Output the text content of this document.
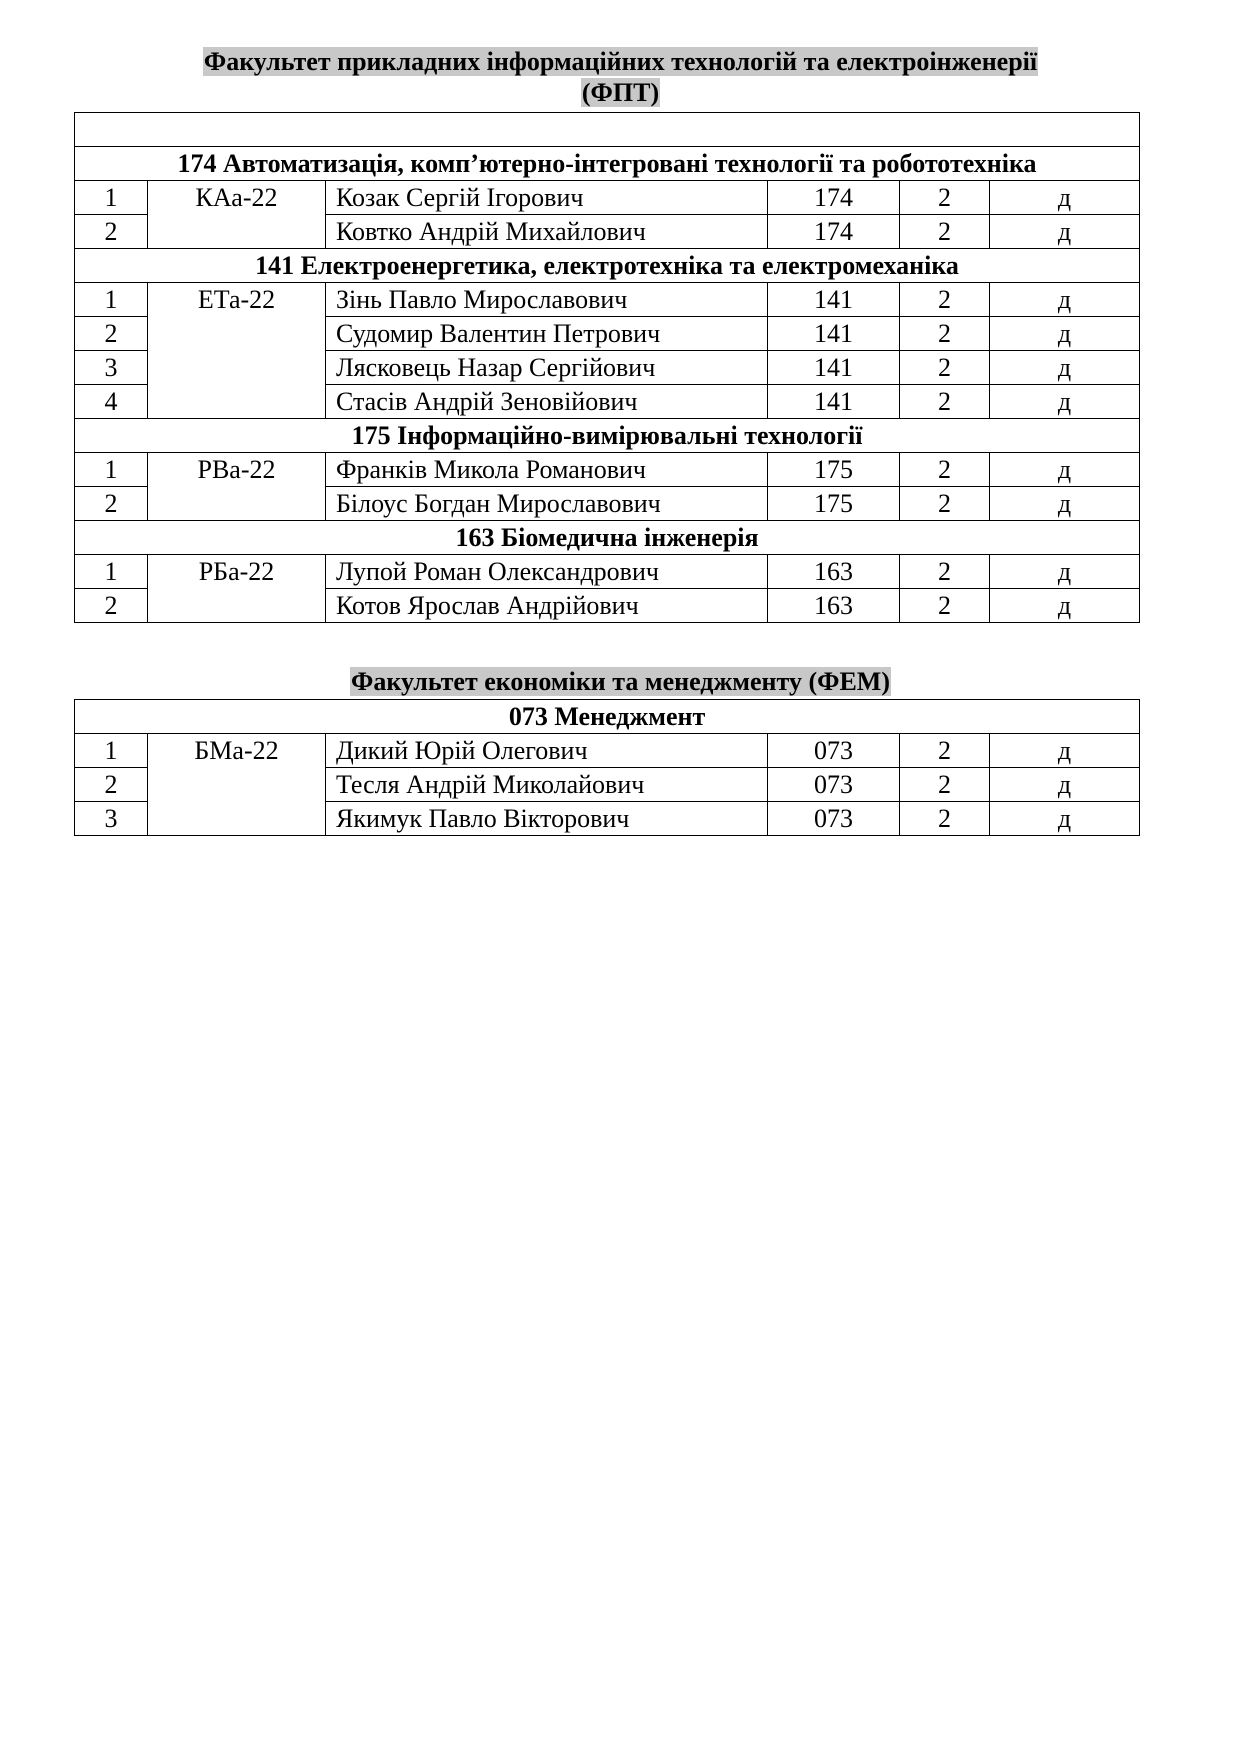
Факультет прикладних інформаційних технологій та електроінженерії
(ФПТ)

174 Автоматизація, комп’ютерно-інтегровані технології та робототехніка					
1	КАа-22	Козак Сергій Ігорович	174	2	д
2		Ковтко Андрій Михайлович	174	2	д
141 Електроенергетика, електротехніка та електромеханіка					
1	ЕТа-22	Зінь Павло Мирославович	141	2	д
2		Судомир Валентин Петрович	141	2	д
3		Лясковець Назар Сергійович	141	2	д
4		Стасів Андрій Зеновійович	141	2	д
175 Інформаційно-вимірювальні технології					
1	РВа-22	Франків Микола Романович	175	2	д
2		Білоус Богдан Мирославович	175	2	д
163 Біомедична інженерія					
1	РБа-22	Лупой Роман Олександрович	163	2	д
2		Котов Ярослав Андрійович	163	2	д
Факультет економіки та менеджменту (ФЕМ)
073 Менеджмент					
1	БМа-22	Дикий Юрій Олегович	073	2	д
2		Тесля Андрій Миколайович	073	2	д
3		Якимук Павло Вікторович	073	2	д
